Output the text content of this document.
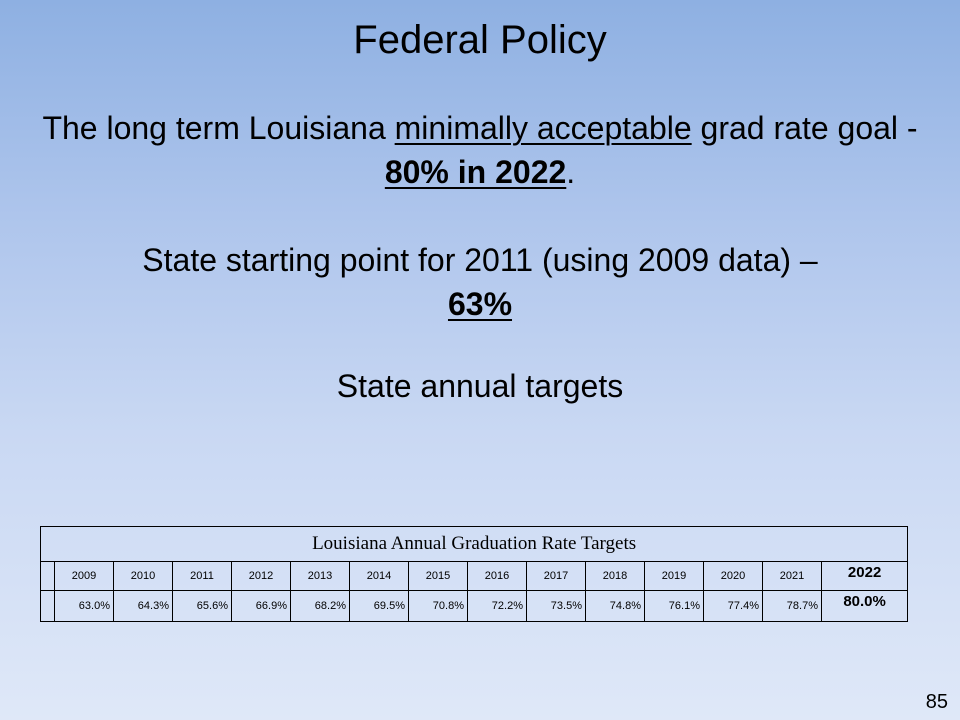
Federal Policy

The long term Louisiana minimally acceptable grad rate goal -

80% in 2022.

State starting point for 2011 (using 2009 data) –

63%

State annual targets

Louisiana Annual Graduation Rate Targets														
	2009	2010	2011	2012	2013	2014	2015	2016	2017	2018	2019	2020	2021	2022
	63.0%	64.3%	65.6%	66.9%	68.2%	69.5%	70.8%	72.2%	73.5%	74.8%	76.1%	77.4%	78.7%	80.0%
85
